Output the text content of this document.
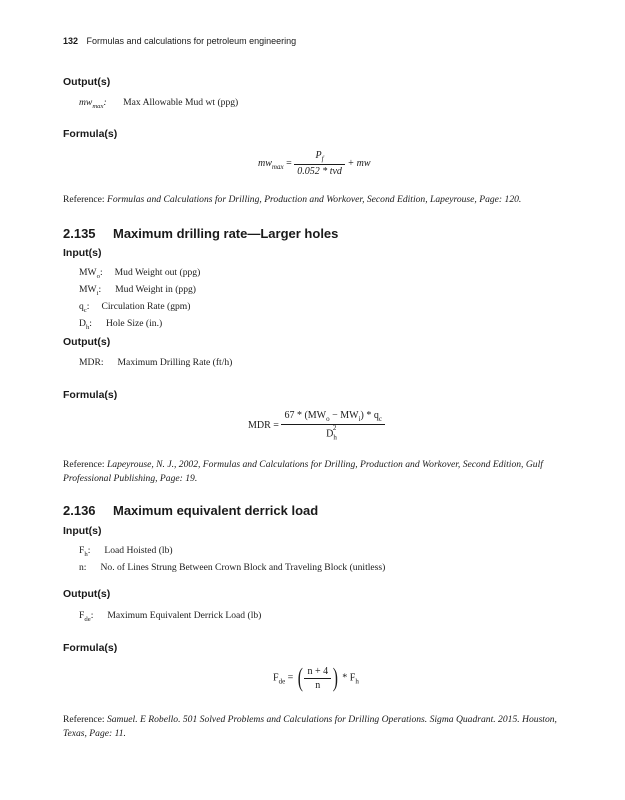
132 Formulas and calculations for petroleum engineering
Output(s)
$mw_{max}$: Max Allowable Mud wt (ppg)
Formula(s)
$mw_{max} = \frac{P_f}{\text{0.052 * tvd}}$ + mw
Reference: Formulas and Calculations for Drilling, Production and Workover, Second Edition, Lapeyrouse, Page: 120.
2.135 Maximum drilling rate—Larger holes
Input(s)
$MW_o$: Mud Weight out (ppg)
$MW_i$: Mud Weight in (ppg)
$q_c$: Circulation Rate (gpm)
$D_h$: Hole Size (in.)
Output(s)
MDR: Maximum Drilling Rate (ft/h)
Formula(s)
MDR = $\frac{67 * (MW_o - MW_i) * q_c}{D_h^2}$
Reference: Lapeyrouse, N. J., 2002, Formulas and Calculations for Drilling, Production and Workover, Second Edition, Gulf Professional Publishing, Page: 19.
2.136 Maximum equivalent derrick load
Input(s)
$F_h$: Load Hoisted (lb)
n: No. of Lines Strung Between Crown Block and Traveling Block (unitless)
Output(s)
$F_{de}$: Maximum Equivalent Derrick Load (lb)
Formula(s)
$F_{de}$ = ( $\frac{n + 4}{n}$ ) * $F_h$
Reference: Samuel. E Robello. 501 Solved Problems and Calculations for Drilling Operations. Sigma Quadrant. 2015. Houston, Texas, Page: 11.
